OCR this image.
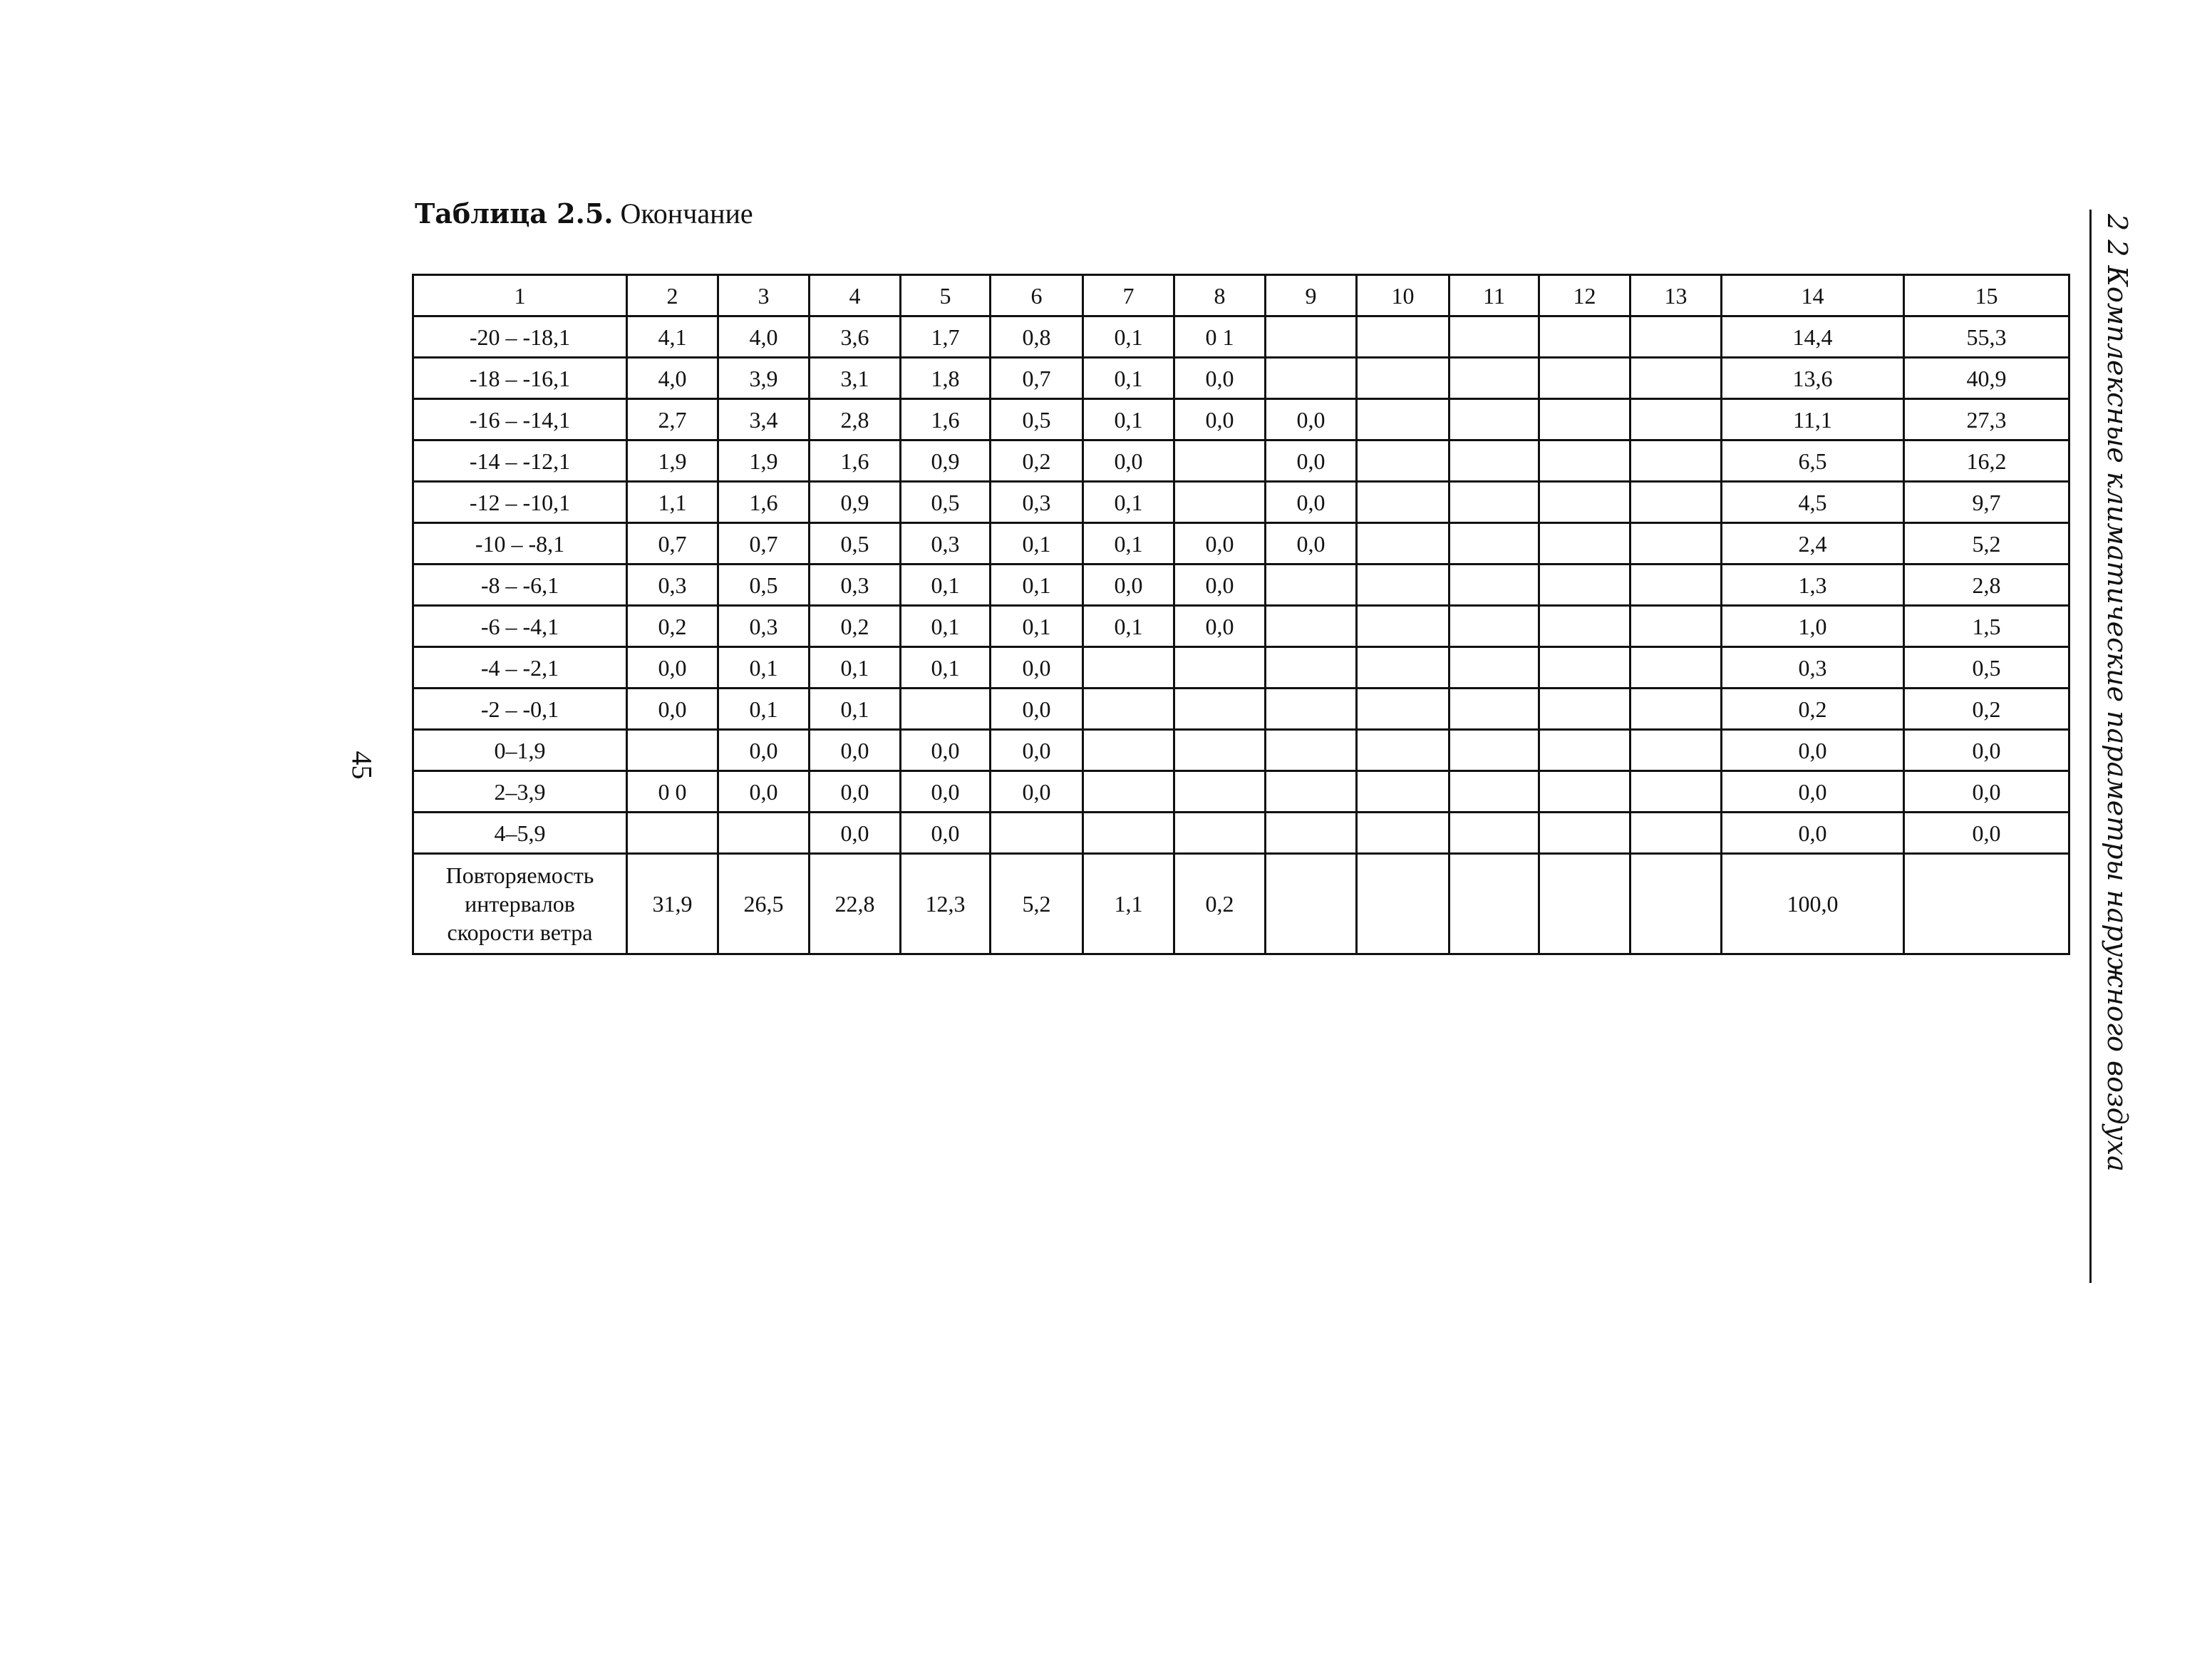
Таблица 2.5. Окончание
45	2 2 Комплексные климатические параметры наружного воздуха
1	2	3	4	5	6	7	8	9	10	11	12	13	14	15
-20 – -18,1	4,1	4,0	3,6	1,7	0,8	0,1	0 1						14,4	55,3
-18 – -16,1	4,0	3,9	3,1	1,8	0,7	0,1	0,0						13,6	40,9
-16 – -14,1	2,7	3,4	2,8	1,6	0,5	0,1	0,0	0,0					11,1	27,3
-14 – -12,1	1,9	1,9	1,6	0,9	0,2	0,0		0,0					6,5	16,2
-12 – -10,1	1,1	1,6	0,9	0,5	0,3	0,1		0,0					4,5	9,7
-10 – -8,1	0,7	0,7	0,5	0,3	0,1	0,1	0,0	0,0					2,4	5,2
-8 – -6,1	0,3	0,5	0,3	0,1	0,1	0,0	0,0						1,3	2,8
-6 – -4,1	0,2	0,3	0,2	0,1	0,1	0,1	0,0						1,0	1,5
-4 – -2,1	0,0	0,1	0,1	0,1	0,0								0,3	0,5
-2 – -0,1	0,0	0,1	0,1		0,0								0,2	0,2
0–1,9		0,0	0,0	0,0	0,0								0,0	0,0
2–3,9	0 0	0,0	0,0	0,0	0,0								0,0	0,0
4–5,9			0,0	0,0									0,0	0,0

Повторяемость
интервалов
скорости ветра	31,9	26,5	22,8	12,3	5,2	1,1	0,2						100,0	
